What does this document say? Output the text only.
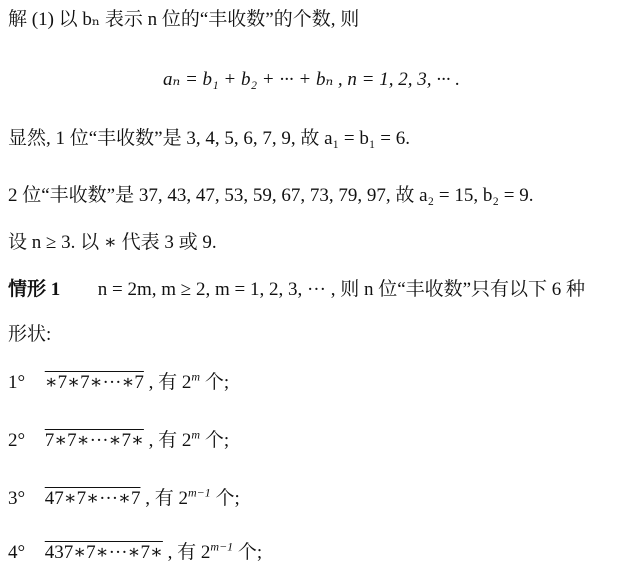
解 (1) 以 bₙ 表示 n 位的“丰收数”的个数, 则
aₙ = b₁ + b₂ + ··· + bₙ , n = 1, 2, 3, ··· .
显然, 1 位“丰收数”是 3, 4, 5, 6, 7, 9, 故 a₁ = b₁ = 6.
2 位“丰收数”是 37, 43, 47, 53, 59, 67, 73, 79, 97, 故 a₂ = 15, b₂ = 9.
设 n ≥ 3. 以 ∗ 代表 3 或 9.
情形 1 n = 2m, m ≥ 2, m = 1, 2, 3, ··· , 则 n 位“丰收数”只有以下 6 种
形状:
1° ∗7∗7∗···∗7 , 有 2$^m$ 个;
2° 7∗7∗···∗7∗ , 有 2$^m$ 个;
3° 47∗7∗···∗7 , 有 $2^{m-1}$ 个;
4° 437∗7∗···∗7∗ , 有 $2^{m-1}$ 个;
